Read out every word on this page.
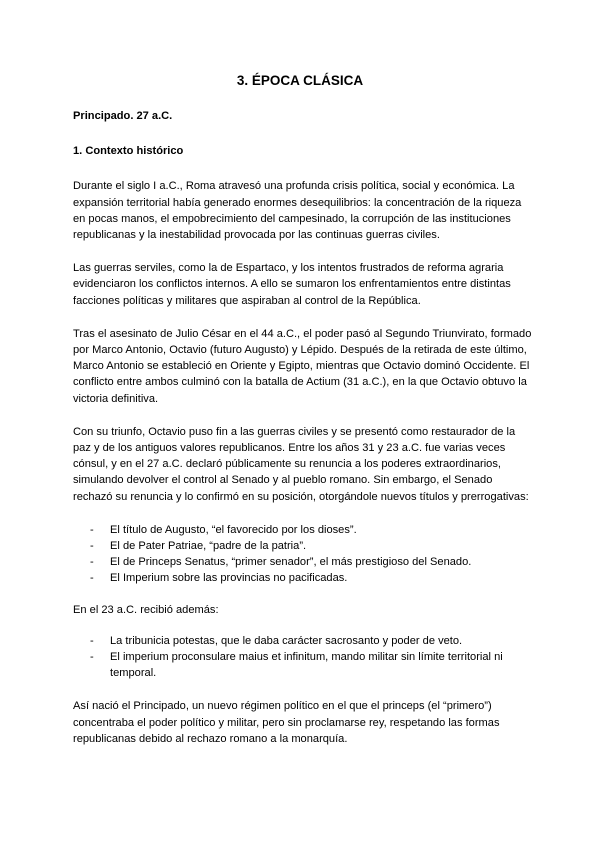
3. ÉPOCA CLÁSICA

Principado. 27 a.C.

1. Contexto histórico

Durante el siglo I a.C., Roma atravesó una profunda crisis política, social y económica. La expansión territorial había generado enormes desequilibrios: la concentración de la riqueza en pocas manos, el empobrecimiento del campesinado, la corrupción de las instituciones republicanas y la inestabilidad provocada por las continuas guerras civiles.

Las guerras serviles, como la de Espartaco, y los intentos frustrados de reforma agraria evidenciaron los conflictos internos. A ello se sumaron los enfrentamientos entre distintas facciones políticas y militares que aspiraban al control de la República.

Tras el asesinato de Julio César en el 44 a.C., el poder pasó al Segundo Triunvirato, formado por Marco Antonio, Octavio (futuro Augusto) y Lépido. Después de la retirada de este último, Marco Antonio se estableció en Oriente y Egipto, mientras que Octavio dominó Occidente. El conflicto entre ambos culminó con la batalla de Actium (31 a.C.), en la que Octavio obtuvo la victoria definitiva.

Con su triunfo, Octavio puso fin a las guerras civiles y se presentó como restaurador de la paz y de los antiguos valores republicanos. Entre los años 31 y 23 a.C. fue varias veces cónsul, y en el 27 a.C. declaró públicamente su renuncia a los poderes extraordinarios, simulando devolver el control al Senado y al pueblo romano. Sin embargo, el Senado rechazó su renuncia y lo confirmó en su posición, otorgándole nuevos títulos y prerrogativas:

- El título de Augusto, “el favorecido por los dioses”.
- El de Pater Patriae, “padre de la patria”.
- El de Princeps Senatus, “primer senador”, el más prestigioso del Senado.
- El Imperium sobre las provincias no pacificadas.

En el 23 a.C. recibió además:

- La tribunicia potestas, que le daba carácter sacrosanto y poder de veto.
- El imperium proconsulare maius et infinitum, mando militar sin límite territorial ni temporal.

Así nació el Principado, un nuevo régimen político en el que el princeps (el “primero”) concentraba el poder político y militar, pero sin proclamarse rey, respetando las formas republicanas debido al rechazo romano a la monarquía.
